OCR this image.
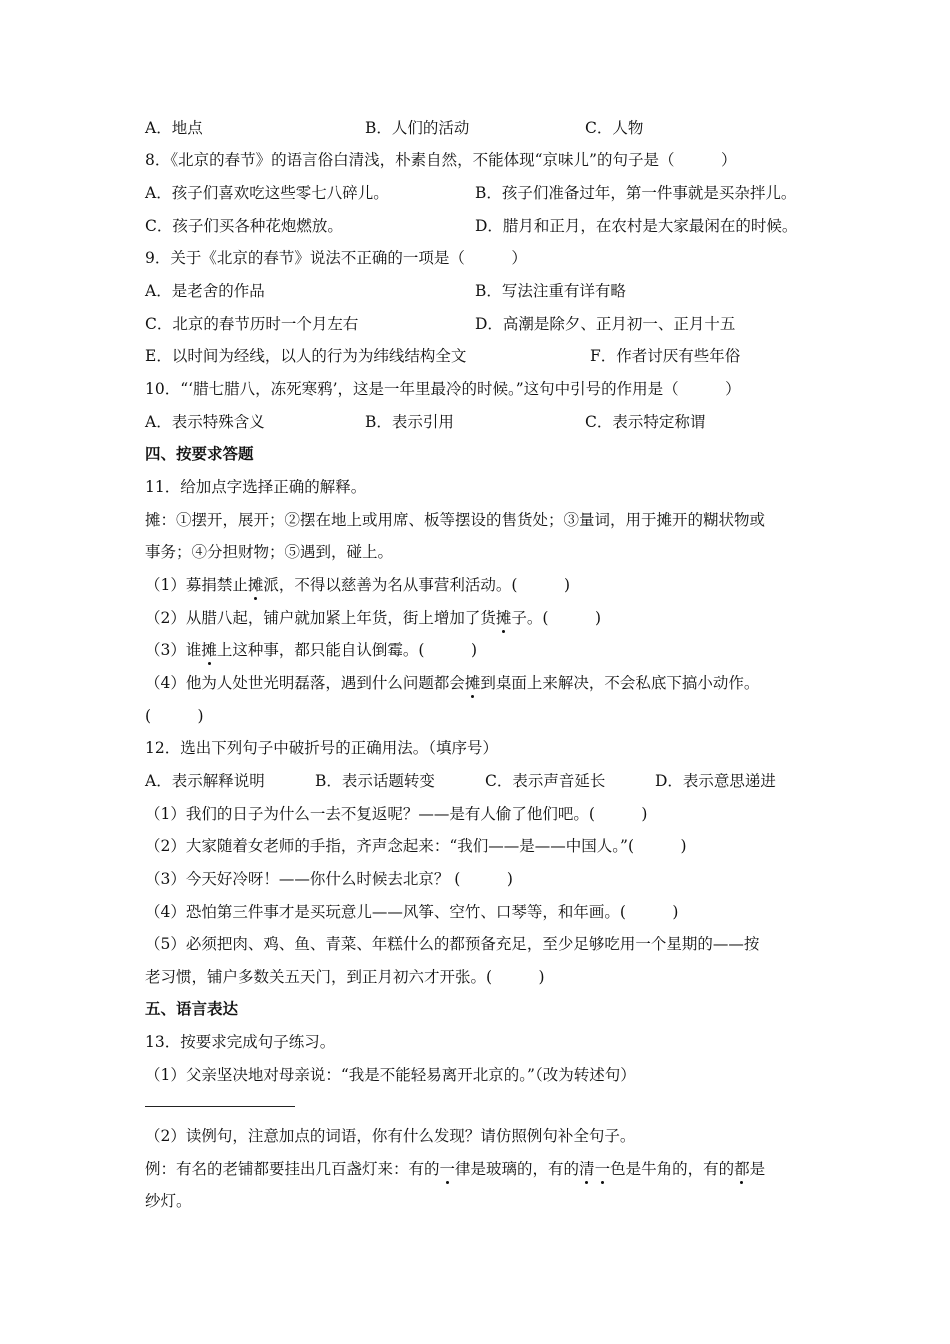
A．地点	B．人们的活动	C．人物
8．《北京的春节》的语言俗白清浅，朴素自然，不能体现“京味儿”的句子是（　　　）
A．孩子们喜欢吃这些零七八碎儿。	B．孩子们准备过年，第一件事就是买杂拌儿。
C．孩子们买各种花炮燃放。	D．腊月和正月，在农村是大家最闲在的时候。
9．关于《北京的春节》说法不正确的一项是（　　　）
A．是老舍的作品	B．写法注重有详有略
C．北京的春节历时一个月左右	D．高潮是除夕、正月初一、正月十五
E．以时间为经线，以人的行为为纬线结构全文	F．作者讨厌有些年俗
10．“‘腊七腊八，冻死寒鸦’，这是一年里最冷的时候。”这句中引号的作用是（　　　）
A．表示特殊含义	B．表示引用	C．表示特定称谓
四、按要求答题
11．给加点字选择正确的解释。
摊：①摆开，展开；②摆在地上或用席、板等摆设的售货处；③量词，用于摊开的糊状物或
事务；④分担财物；⑤遇到，碰上。
（1）募捐禁止摊派，不得以慈善为名从事营利活动。(　　　)
（2）从腊八起，铺户就加紧上年货，街上增加了货摊子。(　　　)
（3）谁摊上这种事，都只能自认倒霉。(　　　)
（4）他为人处世光明磊落，遇到什么问题都会摊到桌面上来解决，不会私底下搞小动作。
(　　　)
12．选出下列句子中破折号的正确用法。（填序号）
A．表示解释说明	B．表示话题转变	C．表示声音延长	D．表示意思递进
（1）我们的日子为什么一去不复返呢？——是有人偷了他们吧。(　　　)
（2）大家随着女老师的手指，齐声念起来：“我们——是——中国人。”(　　　)
（3）今天好冷呀！——你什么时候去北京？ (　　　)
（4）恐怕第三件事才是买玩意儿——风筝、空竹、口琴等，和年画。(　　　)
（5）必须把肉、鸡、鱼、青菜、年糕什么的都预备充足，至少足够吃用一个星期的——按
老习惯，铺户多数关五天门，到正月初六才开张。(　　　)
五、语言表达
13．按要求完成句子练习。
（1）父亲坚决地对母亲说：“我是不能轻易离开北京的。”（改为转述句）
（2）读例句，注意加点的词语，你有什么发现？请仿照例句补全句子。
例：有名的老铺都要挂出几百盏灯来：有的一律是玻璃的，有的清一色是牛角的，有的都是
纱灯。
